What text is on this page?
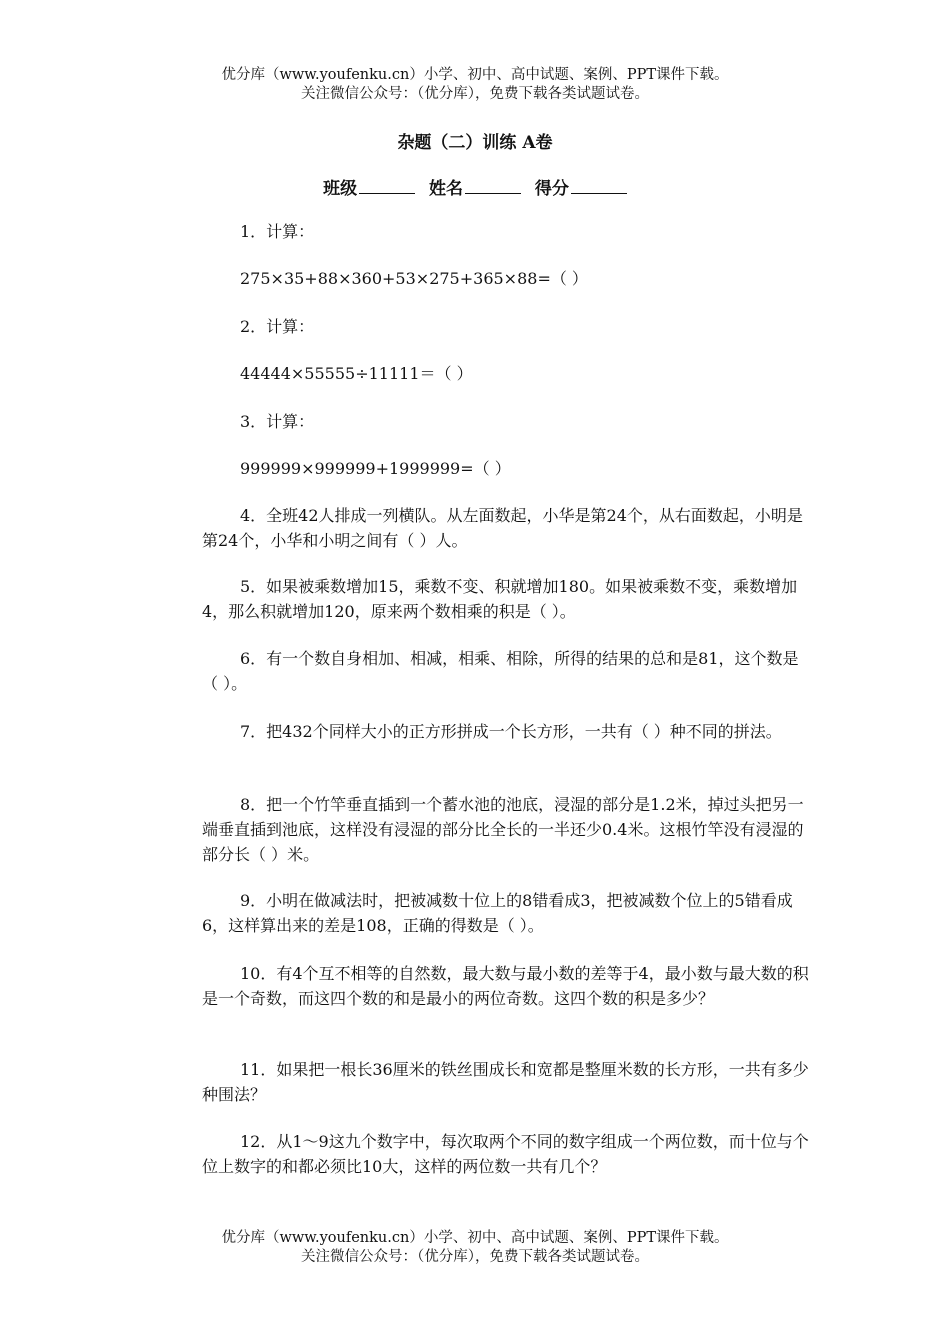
优分库（www.youfenku.cn）小学、初中、高中试题、案例、PPT课件下载。
关注微信公众号：（优分库），免费下载各类试题试卷。
杂题（二）训练 A卷
班级	姓名	得分
1．计算：
275×35+88×360+53×275+365×88=（ ）
2．计算：
44444×55555÷11111＝（ ）
3．计算：
999999×999999+1999999=（ ）
4．全班42人排成一列横队。从左面数起，小华是第24个，从右面数起，小明是第24个，小华和小明之间有（ ）人。
5．如果被乘数增加15，乘数不变、积就增加180。如果被乘数不变，乘数增加4，那么积就增加120，原来两个数相乘的积是（ ）。
6．有一个数自身相加、相减，相乘、相除，所得的结果的总和是81，这个数是（ ）。
7．把432个同样大小的正方形拼成一个长方形，一共有（ ）种不同的拼法。
8．把一个竹竿垂直插到一个蓄水池的池底，浸湿的部分是1.2米，掉过头把另一端垂直插到池底，这样没有浸湿的部分比全长的一半还少0.4米。这根竹竿没有浸湿的部分长（ ）米。
9．小明在做减法时，把被减数十位上的8错看成3，把被减数个位上的5错看成6，这样算出来的差是108，正确的得数是（ ）。
10．有4个互不相等的自然数，最大数与最小数的差等于4，最小数与最大数的积是一个奇数，而这四个数的和是最小的两位奇数。这四个数的积是多少？
11．如果把一根长36厘米的铁丝围成长和宽都是整厘米数的长方形，一共有多少种围法？
12．从1～9这九个数字中，每次取两个不同的数字组成一个两位数，而十位与个位上数字的和都必须比10大，这样的两位数一共有几个？
优分库（www.youfenku.cn）小学、初中、高中试题、案例、PPT课件下载。
关注微信公众号：（优分库），免费下载各类试题试卷。
